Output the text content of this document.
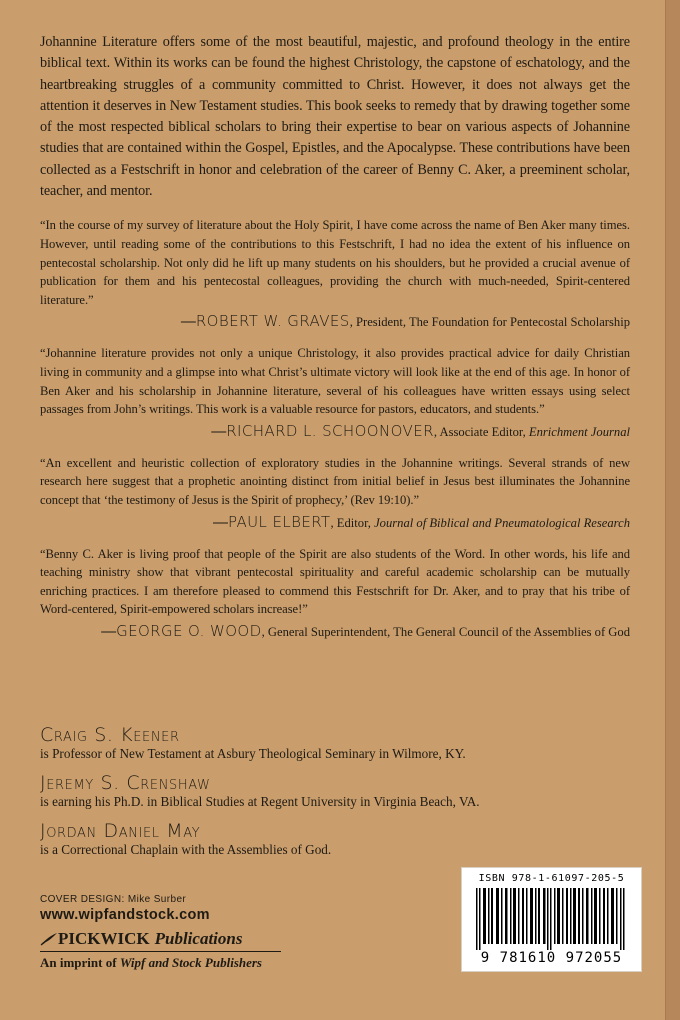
Johannine Literature offers some of the most beautiful, majestic, and profound theology in the entire biblical text. Within its works can be found the highest Christology, the capstone of eschatology, and the heartbreaking struggles of a community committed to Christ. However, it does not always get the attention it deserves in New Testament studies. This book seeks to remedy that by drawing together some of the most respected biblical scholars to bring their expertise to bear on various aspects of Johannine studies that are contained within the Gospel, Epistles, and the Apocalypse. These contributions have been collected as a Festschrift in honor and celebration of the career of Benny C. Aker, a preeminent scholar, teacher, and mentor.

“In the course of my survey of literature about the Holy Spirit, I have come across the name of Ben Aker many times. However, until reading some of the contributions to this Festschrift, I had no idea the extent of his influence on pentecostal scholarship. Not only did he lift up many students on his shoulders, but he provided a crucial avenue of publication for them and his pentecostal colleagues, providing the church with much-needed, Spirit-centered literature.”

—ROBERT W. GRAVES, President, The Foundation for Pentecostal Scholarship

“Johannine literature provides not only a unique Christology, it also provides practical advice for daily Christian living in community and a glimpse into what Christ’s ultimate victory will look like at the end of this age. In honor of Ben Aker and his scholarship in Johannine literature, several of his colleagues have written essays using select passages from John’s writings. This work is a valuable resource for pastors, educators, and students.”

—RICHARD L. SCHOONOVER, Associate Editor, Enrichment Journal

“An excellent and heuristic collection of exploratory studies in the Johannine writings. Several strands of new research here suggest that a prophetic anointing distinct from initial belief in Jesus best illuminates the Johannine concept that ‘the testimony of Jesus is the Spirit of prophecy,’ (Rev 19:10).”

—PAUL ELBERT, Editor, Journal of Biblical and Pneumatological Research

“Benny C. Aker is living proof that people of the Spirit are also students of the Word. In other words, his life and teaching ministry show that vibrant pentecostal spirituality and careful academic scholarship can be mutually enriching practices. I am therefore pleased to commend this Festschrift for Dr. Aker, and to pray that his tribe of Word-centered, Spirit-empowered scholars increase!”

—GEORGE O. WOOD, General Superintendent, The General Council of the Assemblies of God
Craig S. Keener
is Professor of New Testament at Asbury Theological Seminary in Wilmore, KY.
Jeremy S. Crenshaw
is earning his Ph.D. in Biblical Studies at Regent University in Virginia Beach, VA.
Jordan Daniel May
is a Correctional Chaplain with the Assemblies of God.
COVER DESIGN: Mike Surber
www.wipfandstock.com
PICKWICK Publications
An imprint of Wipf and Stock Publishers
ISBN 978-1-61097-205-5
9 781610 972055
